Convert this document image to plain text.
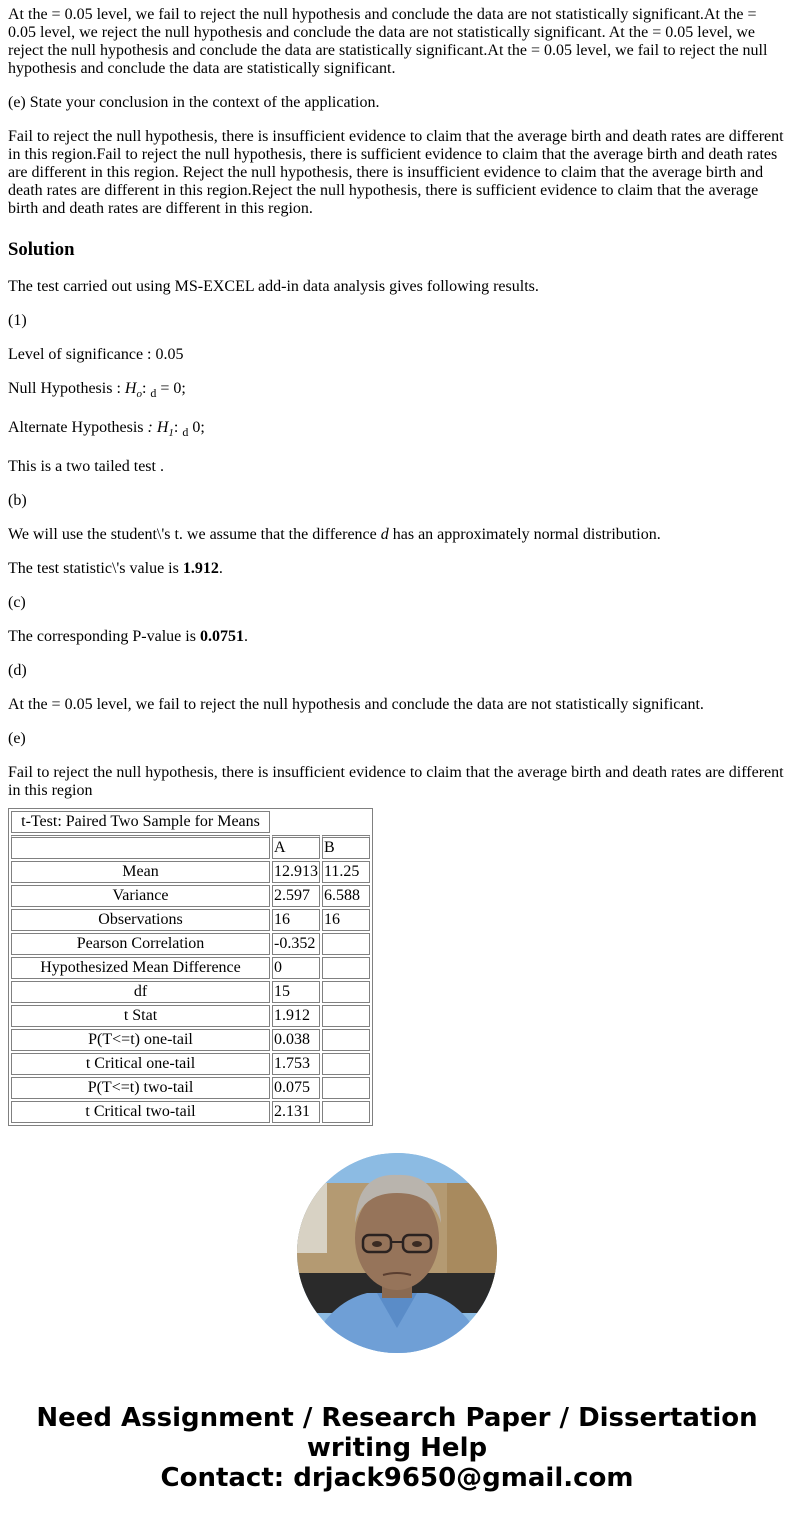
At the = 0.05 level, we fail to reject the null hypothesis and conclude the data are not statistically significant.At the = 0.05 level, we reject the null hypothesis and conclude the data are not statistically significant. At the = 0.05 level, we reject the null hypothesis and conclude the data are statistically significant.At the = 0.05 level, we fail to reject the null hypothesis and conclude the data are statistically significant.

(e) State your conclusion in the context of the application.

Fail to reject the null hypothesis, there is insufficient evidence to claim that the average birth and death rates are different in this region.Fail to reject the null hypothesis, there is sufficient evidence to claim that the average birth and death rates are different in this region. Reject the null hypothesis, there is insufficient evidence to claim that the average birth and death rates are different in this region.Reject the null hypothesis, there is sufficient evidence to claim that the average birth and death rates are different in this region.

Solution

The test carried out using MS-EXCEL add-in data analysis gives following results.

(1)

Level of significance : 0.05

Null Hypothesis : $H_o$: $_d$ = 0;

Alternate Hypothesis : $H_1$: $_d$ 0;

This is a two tailed test .

(b)

We will use the student\'s t. we assume that the difference d has an approximately normal distribution.

The test statistic\'s value is 1.912.

(c)

The corresponding P-value is 0.0751.

(d)

At the = 0.05 level, we fail to reject the null hypothesis and conclude the data are not statistically significant.

(e)

Fail to reject the null hypothesis, there is insufficient evidence to claim that the average birth and death rates are different in this region

t-Test: Paired Two Sample for Means		
	A	B
Mean	12.913	11.25
Variance	2.597	6.588
Observations	16	16
Pearson Correlation	-0.352	
Hypothesized Mean Difference	0	
df	15	
t Stat	1.912	
P(T<=t) one-tail	0.038	
t Critical one-tail	1.753	
P(T<=t) two-tail	0.075	
t Critical two-tail	2.131	
Need Assignment / Research Paper / Dissertation
writing Help
Contact: drjack9650@gmail.com
